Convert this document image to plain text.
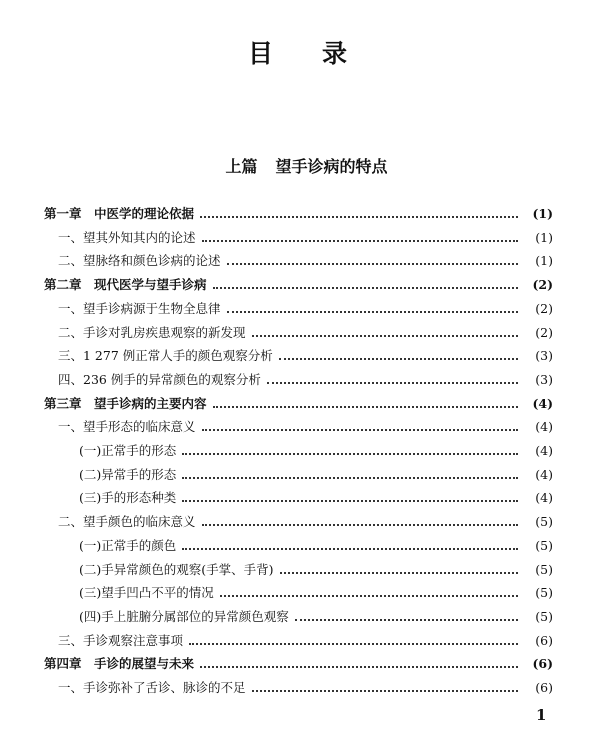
目 录
上篇 望手诊病的特点
第一章　中医学的理论依据	(1)
一、望其外知其内的论述	(1)
二、望脉络和颜色诊病的论述	(1)
第二章　现代医学与望手诊病	(2)
一、望手诊病源于生物全息律	(2)
二、手诊对乳房疾患观察的新发现	(2)
三、1 277 例正常人手的颜色观察分析	(3)
四、236 例手的异常颜色的观察分析	(3)
第三章　望手诊病的主要内容	(4)
一、望手形态的临床意义	(4)
(一)正常手的形态	(4)
(二)异常手的形态	(4)
(三)手的形态种类	(4)
二、望手颜色的临床意义	(5)
(一)正常手的颜色	(5)
(二)手异常颜色的观察(手掌、手背)	(5)
(三)望手凹凸不平的情况	(5)
(四)手上脏腑分属部位的异常颜色观察	(5)
三、手诊观察注意事项	(6)
第四章　手诊的展望与未来	(6)
一、手诊弥补了舌诊、脉诊的不足	(6)
1
